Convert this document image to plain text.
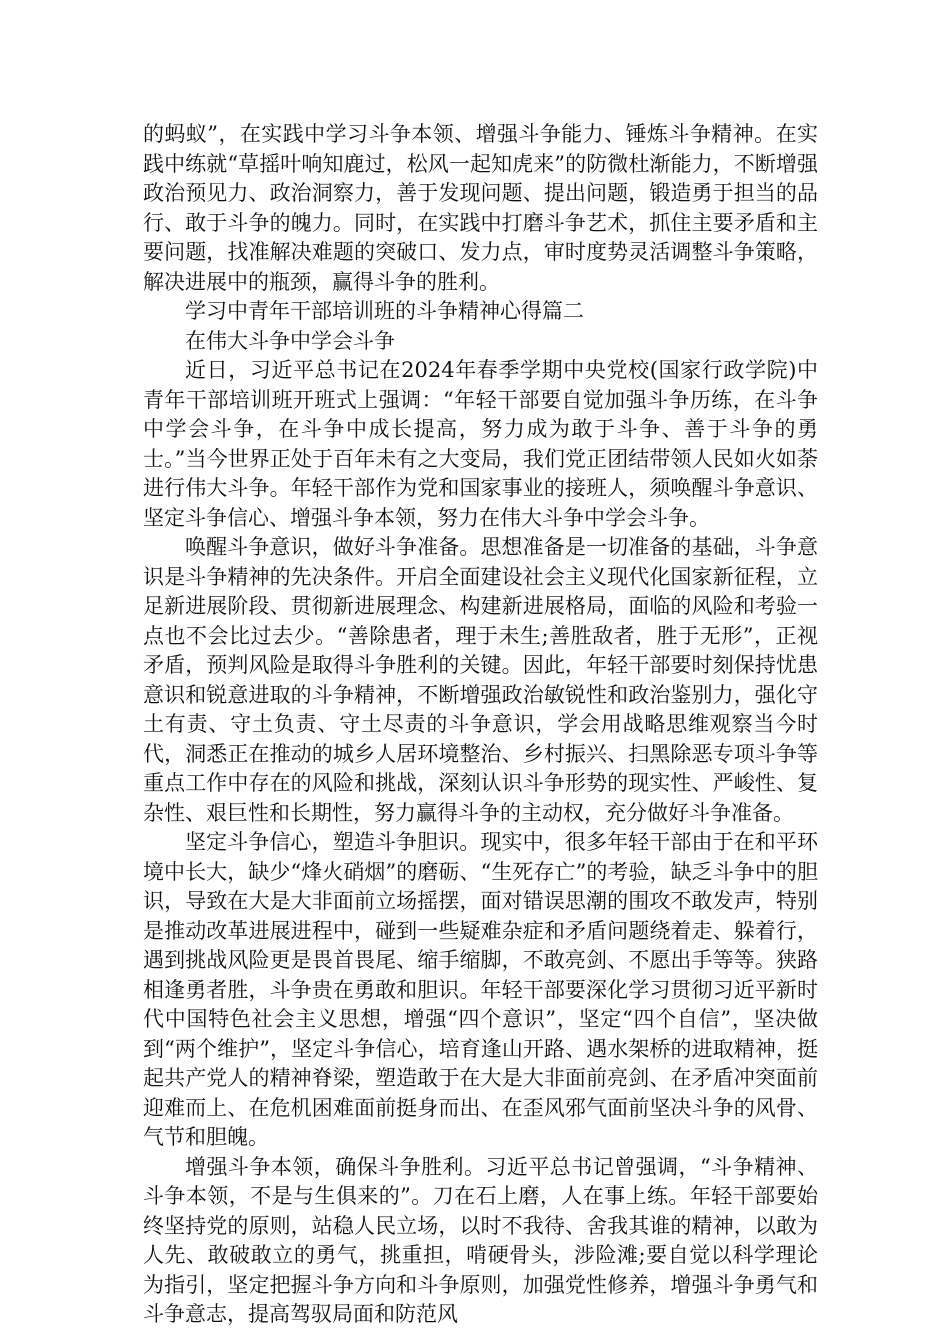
的蚂蚁”，在实践中学习斗争本领、增强斗争能力、锤炼斗争精神。在实践中练就“草摇叶响知鹿过，松风一起知虎来”的防微杜渐能力，不断增强政治预见力、政治洞察力，善于发现问题、提出问题，锻造勇于担当的品行、敢于斗争的魄力。同时，在实践中打磨斗争艺术，抓住主要矛盾和主要问题，找准解决难题的突破口、发力点，审时度势灵活调整斗争策略，解决进展中的瓶颈，赢得斗争的胜利。

学习中青年干部培训班的斗争精神心得篇二

在伟大斗争中学会斗争

近日，习近平总书记在2024年春季学期中央党校(国家行政学院)中青年干部培训班开班式上强调：“年轻干部要自觉加强斗争历练，在斗争中学会斗争，在斗争中成长提高，努力成为敢于斗争、善于斗争的勇士。”当今世界正处于百年未有之大变局，我们党正团结带领人民如火如荼进行伟大斗争。年轻干部作为党和国家事业的接班人，须唤醒斗争意识、坚定斗争信心、增强斗争本领，努力在伟大斗争中学会斗争。

唤醒斗争意识，做好斗争准备。思想准备是一切准备的基础，斗争意识是斗争精神的先决条件。开启全面建设社会主义现代化国家新征程，立足新进展阶段、贯彻新进展理念、构建新进展格局，面临的风险和考验一点也不会比过去少。“善除患者，理于未生;善胜敌者，胜于无形”，正视矛盾，预判风险是取得斗争胜利的关键。因此，年轻干部要时刻保持忧患意识和锐意进取的斗争精神，不断增强政治敏锐性和政治鉴别力，强化守土有责、守土负责、守土尽责的斗争意识，学会用战略思维观察当今时代，洞悉正在推动的城乡人居环境整治、乡村振兴、扫黑除恶专项斗争等重点工作中存在的风险和挑战，深刻认识斗争形势的现实性、严峻性、复杂性、艰巨性和长期性，努力赢得斗争的主动权，充分做好斗争准备。

坚定斗争信心，塑造斗争胆识。现实中，很多年轻干部由于在和平环境中长大，缺少“烽火硝烟”的磨砺、“生死存亡”的考验，缺乏斗争中的胆识，导致在大是大非面前立场摇摆，面对错误思潮的围攻不敢发声，特别是推动改革进展进程中，碰到一些疑难杂症和矛盾问题绕着走、躲着行，遇到挑战风险更是畏首畏尾、缩手缩脚，不敢亮剑、不愿出手等等。狭路相逢勇者胜，斗争贵在勇敢和胆识。年轻干部要深化学习贯彻习近平新时代中国特色社会主义思想，增强“四个意识”，坚定“四个自信”，坚决做到“两个维护”，坚定斗争信心，培育逢山开路、遇水架桥的进取精神，挺起共产党人的精神脊梁，塑造敢于在大是大非面前亮剑、在矛盾冲突面前迎难而上、在危机困难面前挺身而出、在歪风邪气面前坚决斗争的风骨、气节和胆魄。

增强斗争本领，确保斗争胜利。习近平总书记曾强调，“斗争精神、斗争本领，不是与生俱来的”。刀在石上磨，人在事上练。年轻干部要始终坚持党的原则，站稳人民立场，以时不我待、舍我其谁的精神，以敢为人先、敢破敢立的勇气，挑重担，啃硬骨头，涉险滩;要自觉以科学理论为指引，坚定把握斗争方向和斗争原则，加强党性修养，增强斗争勇气和斗争意志，提高驾驭局面和防范风
